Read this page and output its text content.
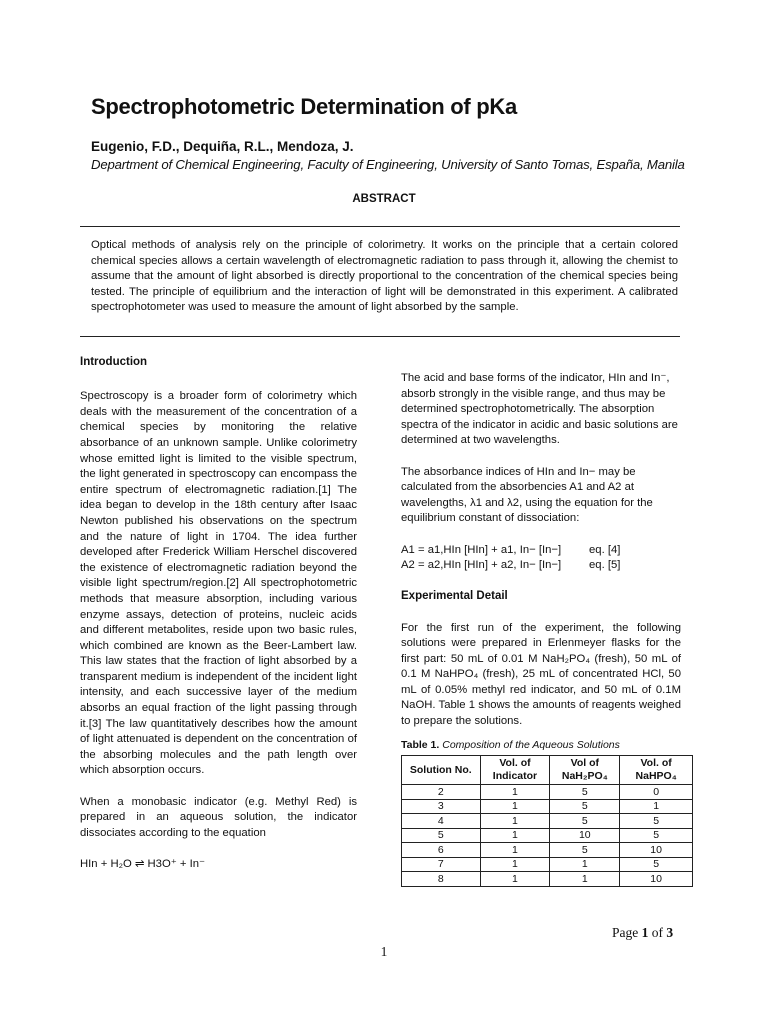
Spectrophotometric Determination of pKa
Eugenio, F.D., Dequiña, R.L., Mendoza, J.
Department of Chemical Engineering, Faculty of Engineering, University of Santo Tomas, España, Manila
ABSTRACT
Optical methods of analysis rely on the principle of colorimetry. It works on the principle that a certain colored chemical species allows a certain wavelength of electromagnetic radiation to pass through it, allowing the chemist to assume that the amount of light absorbed is directly proportional to the concentration of the chemical species being tested. The principle of equilibrium and the interaction of light will be demonstrated in this experiment. A calibrated spectrophotometer was used to measure the amount of light absorbed by the sample.

Introduction

Spectroscopy is a broader form of colorimetry which deals with the measurement of the concentration of a chemical species by monitoring the relative absorbance of an unknown sample. Unlike colorimetry whose emitted light is limited to the visible spectrum, the light generated in spectroscopy can encompass the entire spectrum of electromagnetic radiation.[1] The idea began to develop in the 18th century after Isaac Newton published his observations on the spectrum and the nature of light in 1704. The idea further developed after Frederick William Herschel discovered the existence of electromagnetic radiation beyond the visible light spectrum/region.[2] All spectrophotometric methods that measure absorption, including various enzyme assays, detection of proteins, nucleic acids and different metabolites, reside upon two basic rules, which combined are known as the Beer-Lambert law. This law states that the fraction of light absorbed by a transparent medium is independent of the incident light intensity, and each successive layer of the medium absorbs an equal fraction of the light passing through it.[3] The law quantitatively describes how the amount of light attenuated is dependent on the concentration of the absorbing molecules and the path length over which absorption occurs.

When a monobasic indicator (e.g. Methyl Red) is prepared in an aqueous solution, the indicator dissociates according to the equation

HIn + H₂O ⇌ H3O⁺ + In⁻

The acid and base forms of the indicator, HIn and In⁻, absorb strongly in the visible range, and thus may be determined spectrophotometrically. The absorption spectra of the indicator in acidic and basic solutions are determined at two wavelengths.

The absorbance indices of HIn and In− may be calculated from the absorbencies A1 and A2 at wavelengths, λ1 and λ2, using the equation for the equilibrium constant of dissociation:

A1 = a1,HIn [HIn] + a1, In− [In−]	eq. [4]
A2 = a2,HIn [HIn] + a2, In− [In−]	eq. [5]

Experimental Detail

For the first run of the experiment, the following solutions were prepared in Erlenmeyer flasks for the first part: 50 mL of 0.01 M NaH₂PO₄ (fresh), 50 mL of 0.1 M NaHPO₄ (fresh), 25 mL of concentrated HCl, 50 mL of 0.05% methyl red indicator, and 50 mL of 0.1M NaOH. Table 1 shows the amounts of reagents weighed to prepare the solutions.

Table 1. Composition of the Aqueous Solutions
Solution No.	Vol. of Indicator	Vol of NaH₂PO₄	Vol. of NaHPO₄
2	1	5	0
3	1	5	1
4	1	5	5
5	1	10	5
6	1	5	10
7	1	1	5
8	1	1	10
Page 1 of 3
1
